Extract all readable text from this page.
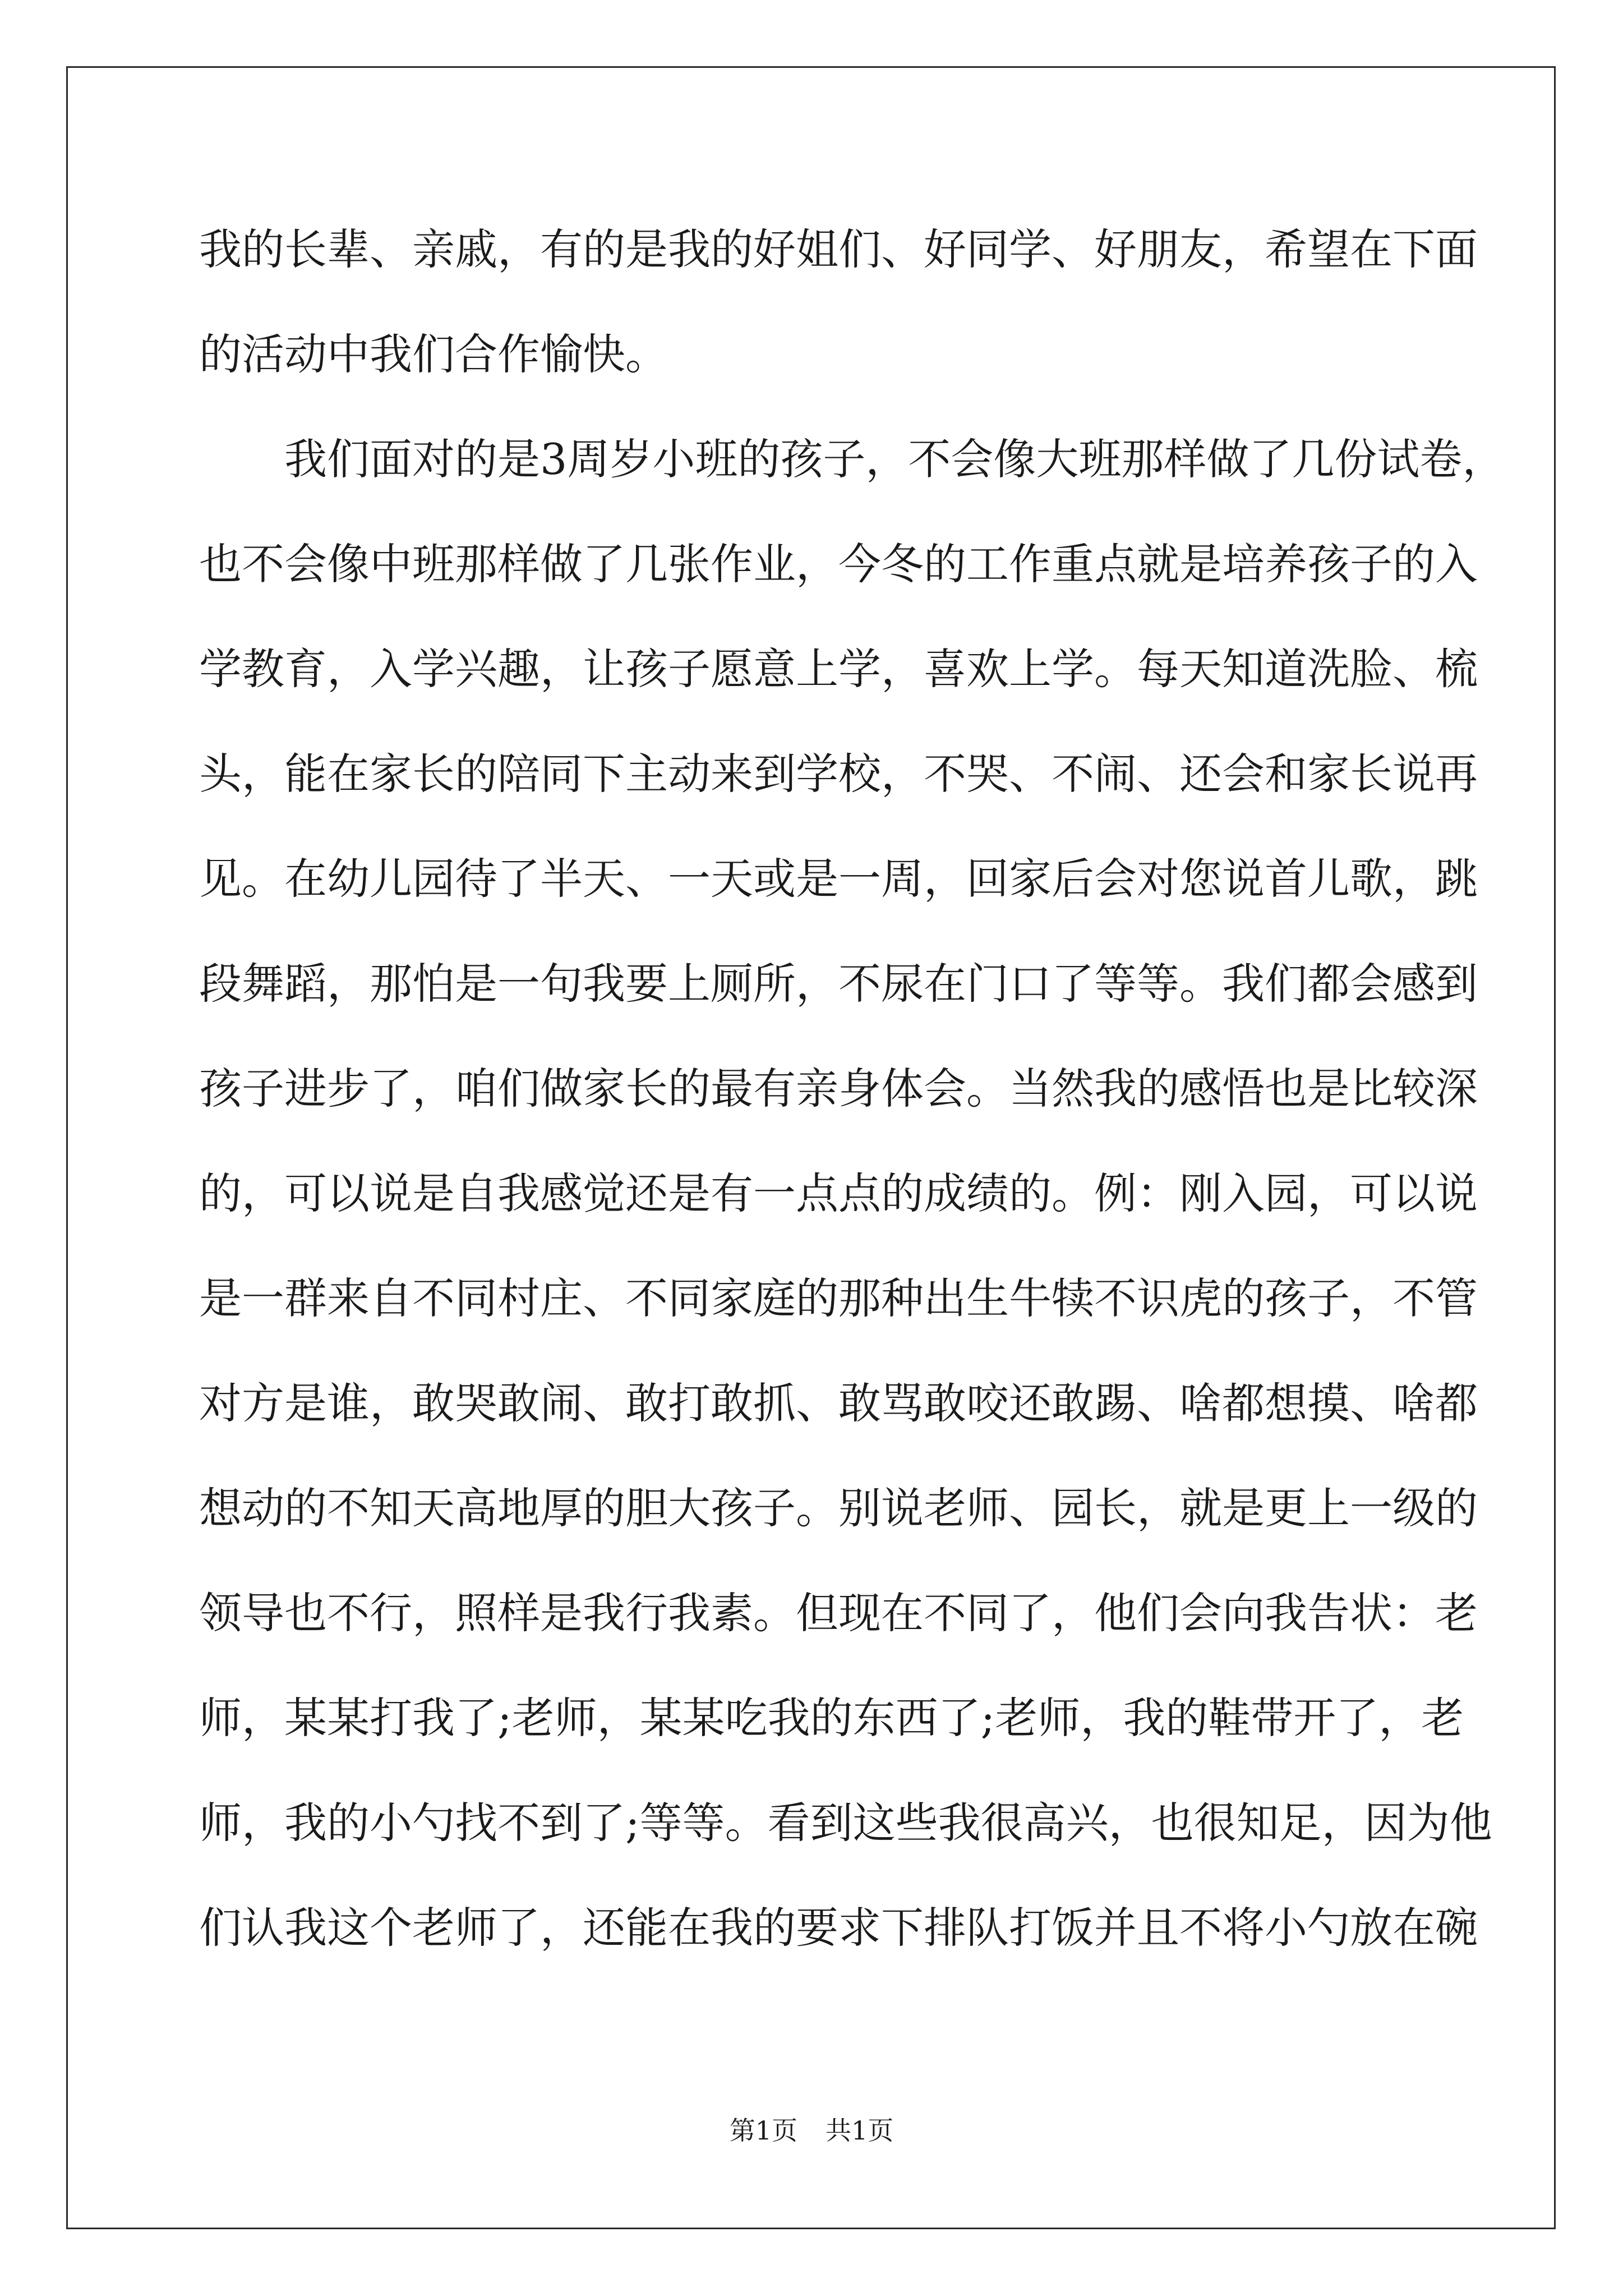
我的长辈、亲戚，有的是我的好姐们、好同学、好朋友，希望在下面
的活动中我们合作愉快。
我们面对的是3周岁小班的孩子，不会像大班那样做了几份试卷，
也不会像中班那样做了几张作业，今冬的工作重点就是培养孩子的入
学教育，入学兴趣，让孩子愿意上学，喜欢上学。每天知道洗脸、梳
头，能在家长的陪同下主动来到学校，不哭、不闹、还会和家长说再
见。在幼儿园待了半天、一天或是一周，回家后会对您说首儿歌，跳
段舞蹈，那怕是一句我要上厕所，不尿在门口了等等。我们都会感到
孩子进步了，咱们做家长的最有亲身体会。当然我的感悟也是比较深
的，可以说是自我感觉还是有一点点的成绩的。例：刚入园，可以说
是一群来自不同村庄、不同家庭的那种出生牛犊不识虎的孩子，不管
对方是谁，敢哭敢闹、敢打敢抓、敢骂敢咬还敢踢、啥都想摸、啥都
想动的不知天高地厚的胆大孩子。别说老师、园长，就是更上一级的
领导也不行，照样是我行我素。但现在不同了，他们会向我告状：老
师，某某打我了;老师，某某吃我的东西了;老师，我的鞋带开了，老
师，我的小勺找不到了;等等。看到这些我很高兴，也很知足，因为他
们认我这个老师了，还能在我的要求下排队打饭并且不将小勺放在碗
第1页 共1页
